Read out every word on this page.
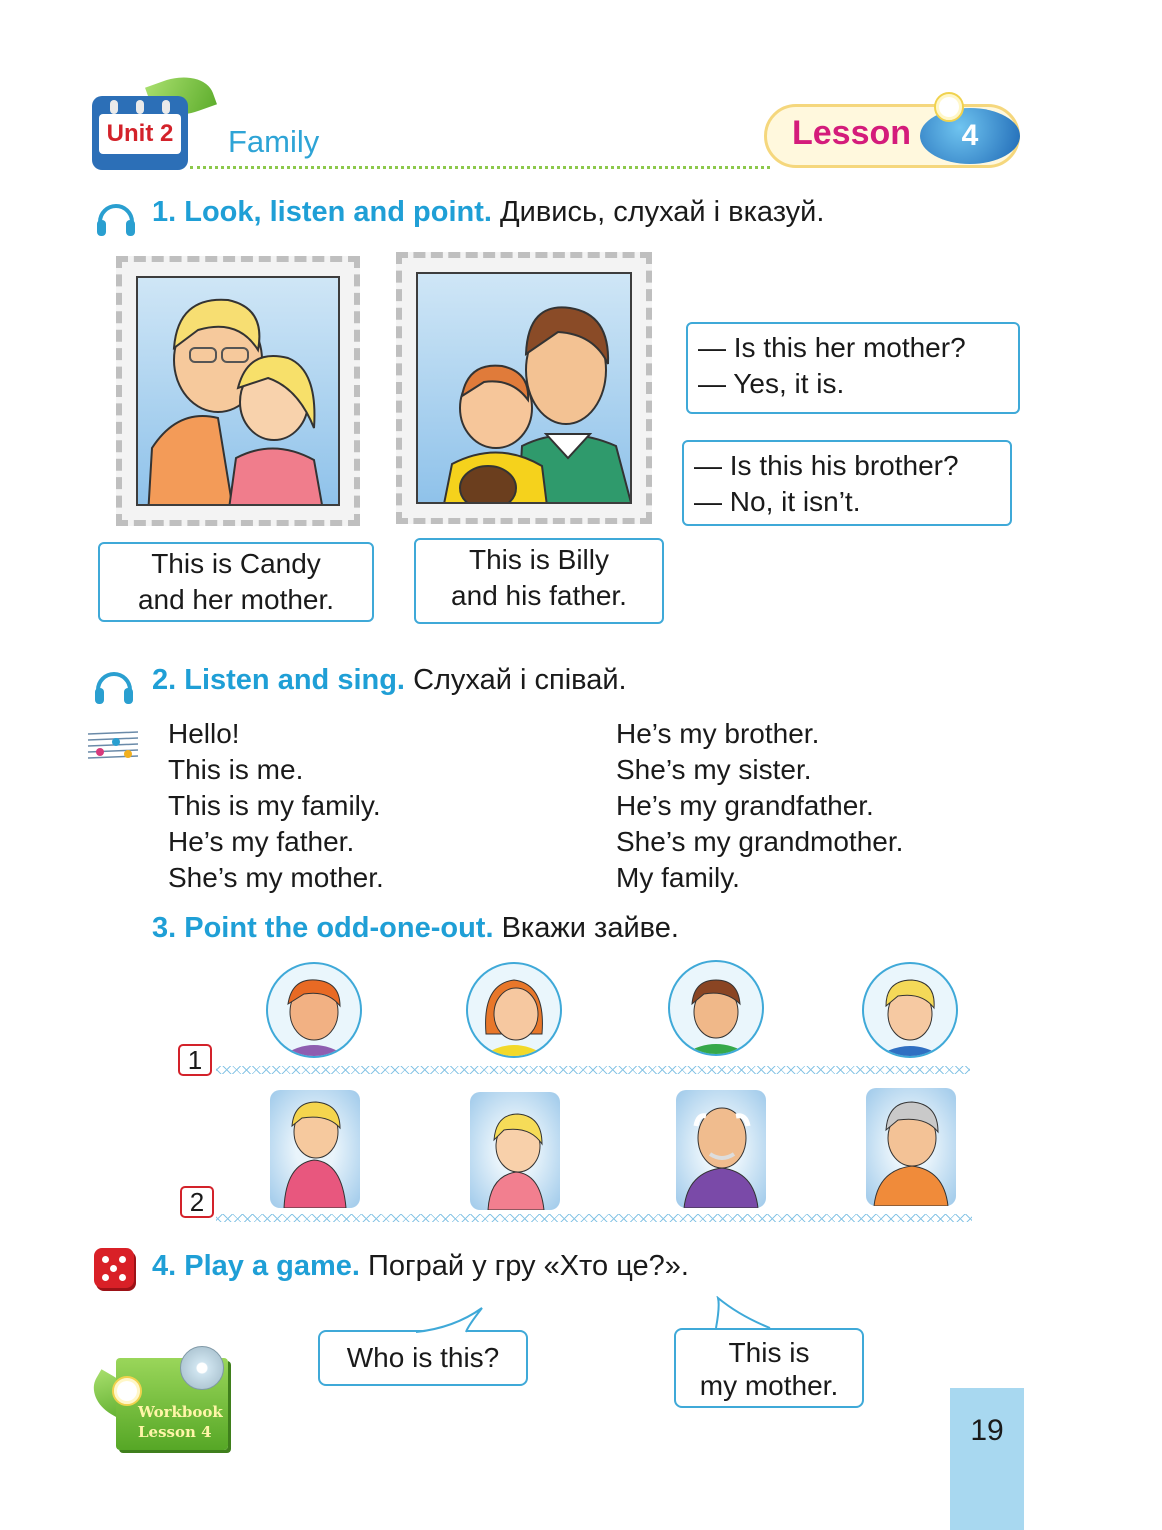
Unit 2 Family	Lesson	4
1. Look, listen and point. Дивись, слухай і вказуй.
This is Candy
and her mother.
This is Billy
and his father.
— Is this her mother?
— Yes, it is.
— Is this his brother?
— No, it isn’t.
2. Listen and sing. Слухай і співай.
Hello!
This is me.
This is my family.
He’s my father.
She’s my mother.
He’s my brother.
She’s my sister.
He’s my grandfather.
She’s my grandmother.
My family.
3. Point the odd-one-out. Вкажи зайве.
1
2
4. Play a game. Пограй у гру «Хто це?».
Who is this?	This is
my mother.
Workbook
Lesson 4	19
